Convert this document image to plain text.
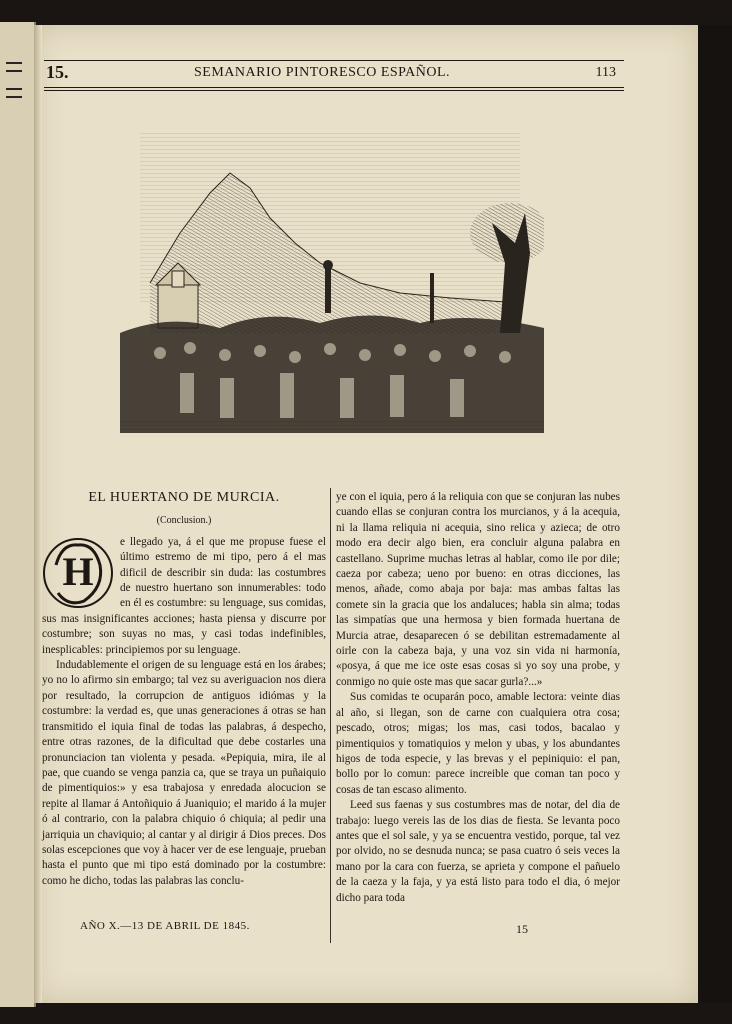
15.	SEMANARIO PINTORESCO ESPAÑOL.	113
EL HUERTANO DE MURCIA.
(Conclusion.)
H

e llegado ya, á el que me propuse fuese el último estremo de mi tipo, pero á el mas dificil de describir sin duda: las costumbres de nuestro huertano son innumerables: todo en él es costumbre: su lenguage, sus comidas, sus mas insignificantes acciones; hasta piensa y discurre por costumbre; son suyas no mas, y casi todas indefinibles, inesplicables: principiemos por su lenguage.

Indudablemente el origen de su lenguage está en los árabes; yo no lo afirmo sin embargo; tal vez su averiguacion nos diera por resultado, la corrupcion de antiguos idiómas y la costumbre: la verdad es, que unas generaciones á otras se han transmitido el iquia final de todas las palabras, á despecho, entre otras razones, de la dificultad que debe costarles una pronunciacion tan violenta y pesada. «Pepiquia, mira, ile al pae, que cuando se venga panzia ca, que se traya un puñaiquio de pimentiquios:» y esa trabajosa y enredada alocucion se repite al llamar á Antoñiquio á Juaniquio; el marido á la mujer ó al contrario, con la palabra chiquio ó chiquia; al pedir una jarriquia un chaviquio; al cantar y al dirigir á Dios preces. Dos solas escepciones que voy à hacer ver de ese lenguaje, prueban hasta el punto que mi tipo está dominado por la costumbre: como he dicho, todas las palabras las conclu-

ye con el iquia, pero á la reliquia con que se conjuran las nubes cuando ellas se conjuran contra los murcianos, y á la acequia, ni la llama reliquia ni acequia, sino relica y azieca; de otro modo era decir algo bien, era concluir alguna palabra en castellano. Suprime muchas letras al hablar, como ile por dile; caeza por cabeza; ueno por bueno: en otras dicciones, las menos, añade, como abaja por baja: mas ambas faltas las comete sin la gracia que los andaluces; habla sin alma; todas las simpatías que una hermosa y bien formada huertana de Murcia atrae, desaparecen ó se debilitan estremadamente al oirle con la cabeza baja, y una voz sin vida ni harmonía, «posya, á que me ice oste esas cosas si yo soy una probe, y conmigo no quie oste mas que sacar gurla?...»

Sus comidas te ocuparán poco, amable lectora: veinte dias al año, si llegan, son de carne con cualquiera otra cosa; pescado, otros; migas; los mas, casi todos, bacalao y pimentiquios y tomatiquios y melon y ubas, y los abundantes higos de toda especie, y las brevas y el pepiniquio: el pan, bollo por lo comun: parece increible que coman tan poco y cosas de tan escaso alimento.

Leed sus faenas y sus costumbres mas de notar, del dia de trabajo: luego vereis las de los dias de fiesta. Se levanta poco antes que el sol sale, y ya se encuentra vestido, porque, tal vez por olvido, no se desnuda nunca; se pasa cuatro ó seis veces la mano por la cara con fuerza, se aprieta y compone el pañuelo de la caeza y la faja, y ya está listo para todo el dia, ó mejor dicho para toda

AÑO X.—13 DE ABRIL DE 1845.	15
